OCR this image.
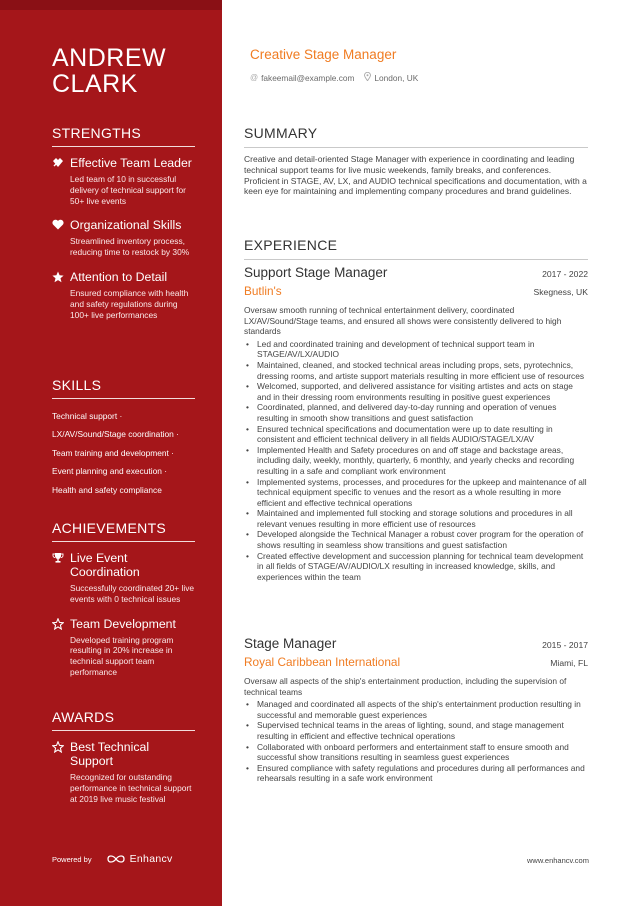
ANDREW CLARK
STRENGTHS
Effective Team Leader
Led team of 10 in successful delivery of technical support for 50+ live events
Organizational Skills
Streamlined inventory process, reducing time to restock by 30%
Attention to Detail
Ensured compliance with health and safety regulations during 100+ live performances
SKILLS
Technical support ·
LX/AV/Sound/Stage coordination ·
Team training and development ·
Event planning and execution ·
Health and safety compliance
ACHIEVEMENTS
Live Event Coordination
Successfully coordinated 20+ live events with 0 technical issues
Team Development
Developed training program resulting in 20% increase in technical support team performance
AWARDS
Best Technical Support
Recognized for outstanding performance in technical support at 2019 live music festival
Powered by	Enhancv
Creative Stage Manager
@ fakeemail@example.com London, UK
SUMMARY
Creative and detail-oriented Stage Manager with experience in coordinating and leading technical support teams for live music weekends, family breaks, and conferences. Proficient in STAGE, AV, LX, and AUDIO technical specifications and documentation, with a keen eye for maintaining and implementing company procedures and brand guidelines.
EXPERIENCE
Support Stage Manager	2017 - 2022
Butlin's	Skegness, UK
Oversaw smooth running of technical entertainment delivery, coordinated LX/AV/Sound/Stage teams, and ensured all shows were consistently delivered to high standards
• Led and coordinated training and development of technical support team in STAGE/AV/LX/AUDIO
• Maintained, cleaned, and stocked technical areas including props, sets, pyrotechnics, dressing rooms, and artiste support materials resulting in more efficient use of resources
• Welcomed, supported, and delivered assistance for visiting artistes and acts on stage and in their dressing room environments resulting in positive guest experiences
• Coordinated, planned, and delivered day-to-day running and operation of venues resulting in smooth show transitions and guest satisfaction
• Ensured technical specifications and documentation were up to date resulting in consistent and efficient technical delivery in all fields AUDIO/STAGE/LX/AV
• Implemented Health and Safety procedures on and off stage and backstage areas, including daily, weekly, monthly, quarterly, 6 monthly, and yearly checks and recording resulting in a safe and compliant work environment
• Implemented systems, processes, and procedures for the upkeep and maintenance of all technical equipment specific to venues and the resort as a whole resulting in more efficient and effective technical operations
• Maintained and implemented full stocking and storage solutions and procedures in all relevant venues resulting in more efficient use of resources
• Developed alongside the Technical Manager a robust cover program for the operation of shows resulting in seamless show transitions and guest satisfaction
• Created effective development and succession planning for technical team development in all fields of STAGE/AV/AUDIO/LX resulting in increased knowledge, skills, and experiences within the team
Stage Manager	2015 - 2017
Royal Caribbean International	Miami, FL
Oversaw all aspects of the ship's entertainment production, including the supervision of technical teams
• Managed and coordinated all aspects of the ship's entertainment production resulting in successful and memorable guest experiences
• Supervised technical teams in the areas of lighting, sound, and stage management resulting in efficient and effective technical operations
• Collaborated with onboard performers and entertainment staff to ensure smooth and successful show transitions resulting in seamless guest experiences
• Ensured compliance with safety regulations and procedures during all performances and rehearsals resulting in a safe work environment
www.enhancv.com
